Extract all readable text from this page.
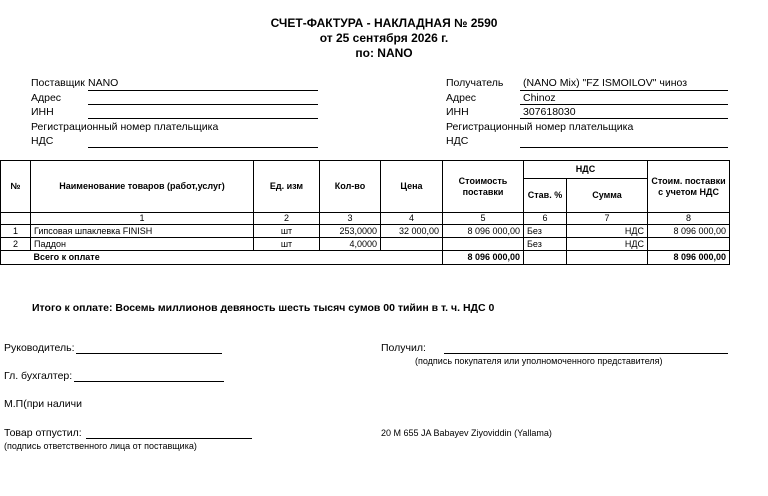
СЧЕТ-ФАКТУРА - НАКЛАДНАЯ № 2590
от 25 сентября 2026 г.
по: NANO
Поставщик NANO
Адрес
ИНН
Регистрационный номер плательщика
НДС
Получатель (NANO Mix) "FZ ISMOILOV" чиноз
Адрес	Chinoz
ИНН	307618030
Регистрационный номер плательщика
НДС
№	Наименование товаров (работ,услуг)	Ед. изм	Кол-во	Цена	Стоимость поставки	НДС		Стоим. поставки с учетом НДС
						Став. %	Сумма	
	1	2	3	4	5	6	7	8
1	Гипсовая шпаклевка FINISH	шт	253,0000	32 000,00	8 096 000,00	Без	НДС	8 096 000,00
2	Паддон	шт	4,0000			Без	НДС	
	Всего к оплате				8 096 000,00			8 096 000,00
Итого к оплате: Восемь миллионов девяность шесть тысяч сумов 00 тийин в т. ч. НДС 0
Руководитель:
Гл. бухгалтер:
М.П(при наличи
Товар отпустил:
(подпись ответственного лица от поставщика)
Получил:
(подпись покупателя или уполномоченного представителя)
20 M 655 JA Babayev Ziyoviddin (Yallama)
